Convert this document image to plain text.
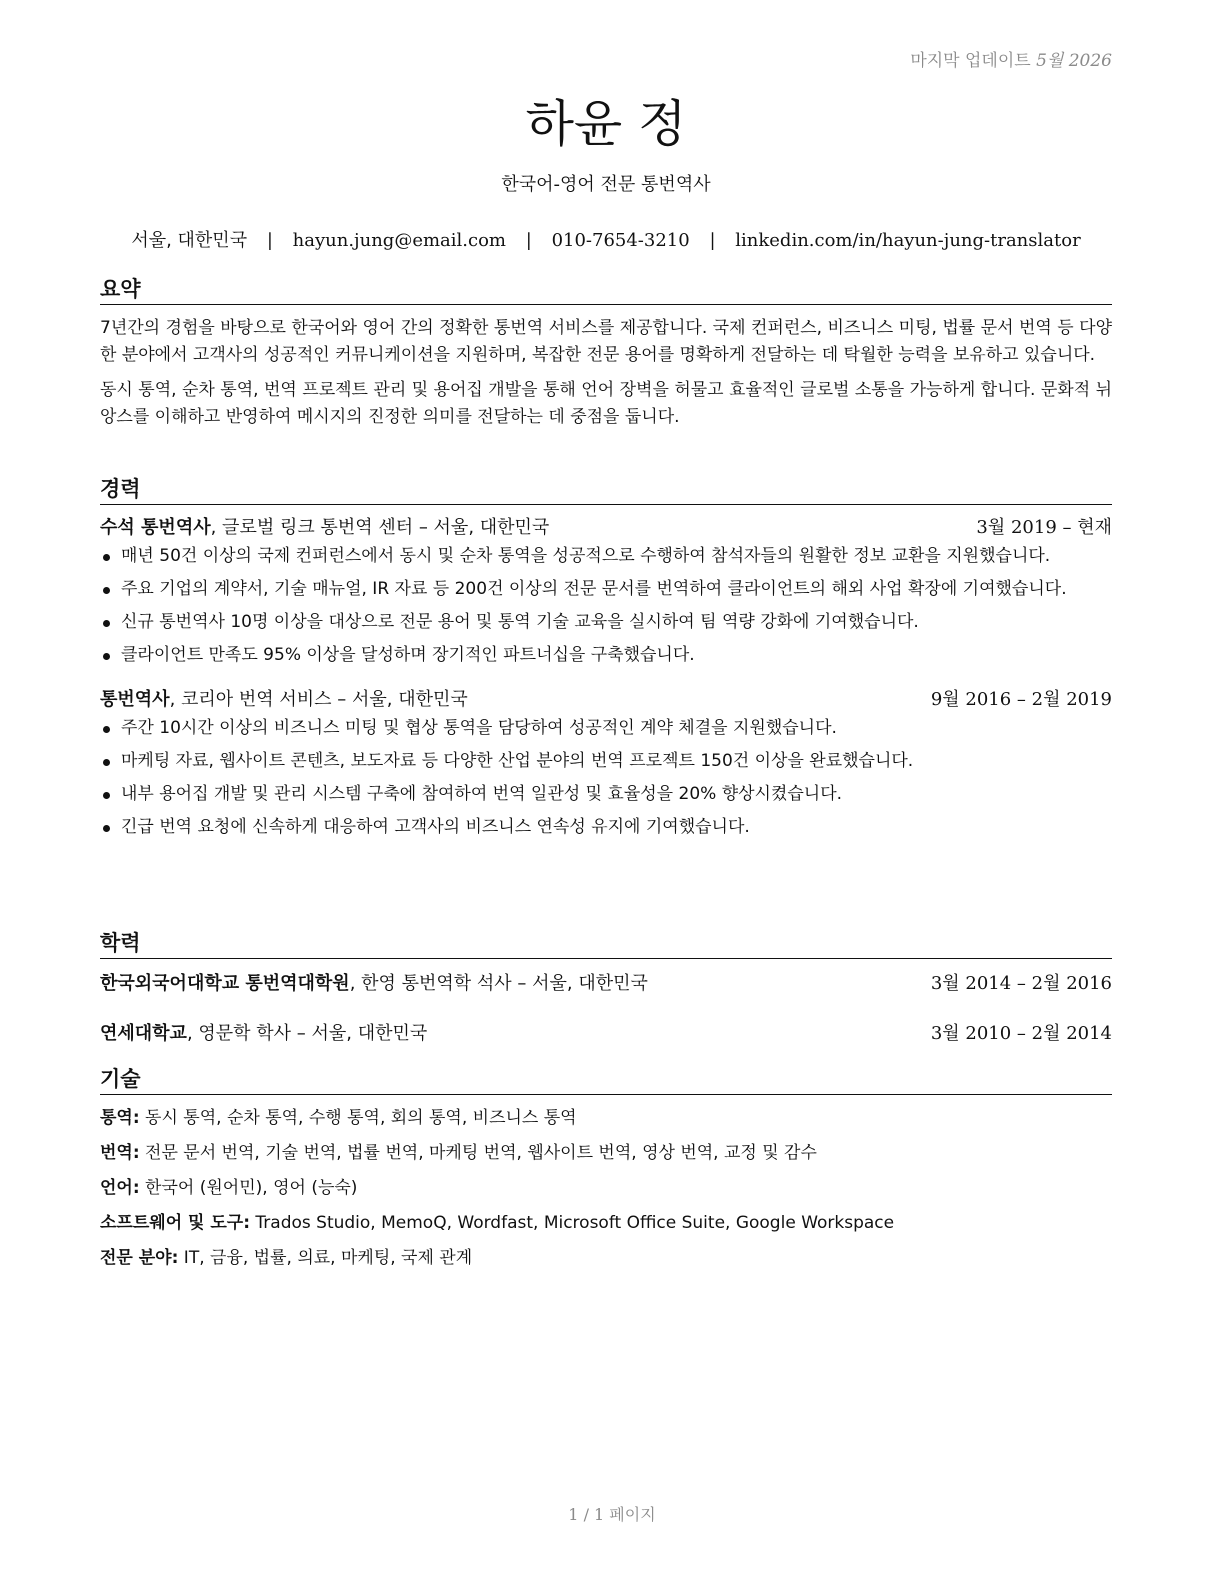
마지막 업데이트 5월 2026
하윤 정
한국어-영어 전문 통번역사
서울, 대한민국 | hayun.jung@email.com | 010-7654-3210 | linkedin.com/in/hayun-jung-translator
요약

7년간의 경험을 바탕으로 한국어와 영어 간의 정확한 통번역 서비스를 제공합니다. 국제 컨퍼런스, 비즈니스 미팅, 법률 문서 번역 등 다양한 분야에서 고객사의 성공적인 커뮤니케이션을 지원하며, 복잡한 전문 용어를 명확하게 전달하는 데 탁월한 능력을 보유하고 있습니다.

동시 통역, 순차 통역, 번역 프로젝트 관리 및 용어집 개발을 통해 언어 장벽을 허물고 효율적인 글로벌 소통을 가능하게 합니다. 문화적 뉘앙스를 이해하고 반영하여 메시지의 진정한 의미를 전달하는 데 중점을 둡니다.

경력
수석 통번역사, 글로벌 링크 통번역 센터 – 서울, 대한민국	3월 2019 – 현재
매년 50건 이상의 국제 컨퍼런스에서 동시 및 순차 통역을 성공적으로 수행하여 참석자들의 원활한 정보 교환을 지원했습니다.
주요 기업의 계약서, 기술 매뉴얼, IR 자료 등 200건 이상의 전문 문서를 번역하여 클라이언트의 해외 사업 확장에 기여했습니다.
신규 통번역사 10명 이상을 대상으로 전문 용어 및 통역 기술 교육을 실시하여 팀 역량 강화에 기여했습니다.
클라이언트 만족도 95% 이상을 달성하며 장기적인 파트너십을 구축했습니다.
통번역사, 코리아 번역 서비스 – 서울, 대한민국	9월 2016 – 2월 2019
주간 10시간 이상의 비즈니스 미팅 및 협상 통역을 담당하여 성공적인 계약 체결을 지원했습니다.
마케팅 자료, 웹사이트 콘텐츠, 보도자료 등 다양한 산업 분야의 번역 프로젝트 150건 이상을 완료했습니다.
내부 용어집 개발 및 관리 시스템 구축에 참여하여 번역 일관성 및 효율성을 20% 향상시켰습니다.
긴급 번역 요청에 신속하게 대응하여 고객사의 비즈니스 연속성 유지에 기여했습니다.
학력
한국외국어대학교 통번역대학원, 한영 통번역학 석사 – 서울, 대한민국	3월 2014 – 2월 2016
연세대학교, 영문학 학사 – 서울, 대한민국	3월 2010 – 2월 2014
기술
통역: 동시 통역, 순차 통역, 수행 통역, 회의 통역, 비즈니스 통역
번역: 전문 문서 번역, 기술 번역, 법률 번역, 마케팅 번역, 웹사이트 번역, 영상 번역, 교정 및 감수
언어: 한국어 (원어민), 영어 (능숙)
소프트웨어 및 도구: Trados Studio, MemoQ, Wordfast, Microsoft Office Suite, Google Workspace
전문 분야: IT, 금융, 법률, 의료, 마케팅, 국제 관계
1 / 1 페이지
